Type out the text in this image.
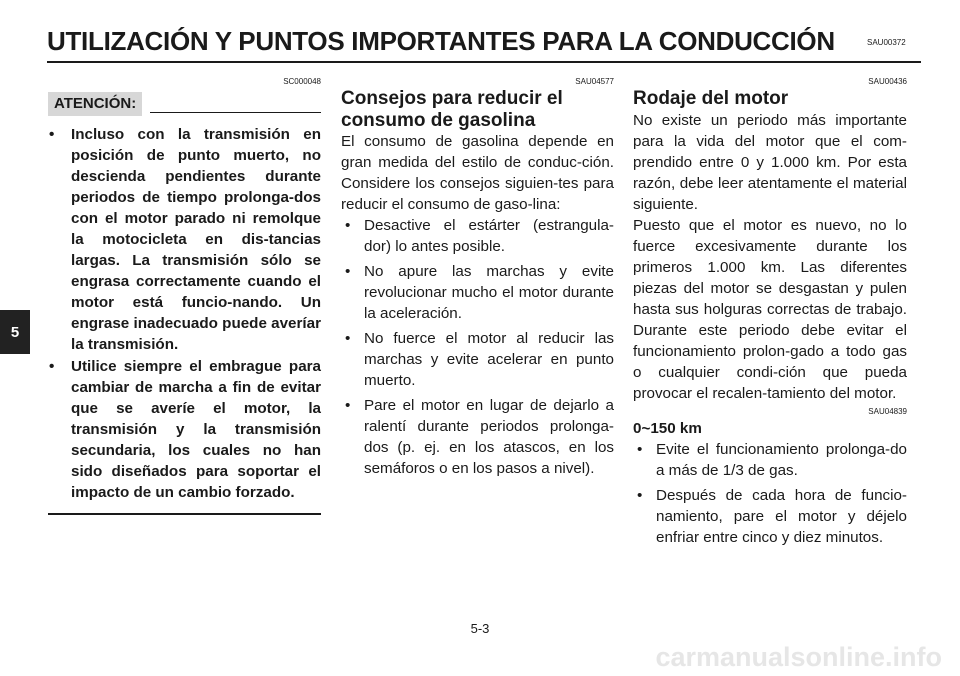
UTILIZACIÓN Y PUNTOS IMPORTANTES PARA LA CONDUCCIÓN	SAU00372
5
SC000048
ATENCIÓN:
• Incluso con la transmisión en posición de punto muerto, no descienda pendientes durante periodos de tiempo prolonga-dos con el motor parado ni remolque la motocicleta en dis-tancias largas. La transmisión sólo se engrasa correctamente cuando el motor está funcio-nando. Un engrase inadecuado puede averíar la transmisión.
• Utilice siempre el embrague para cambiar de marcha a fin de evitar que se averíe el motor, la transmisión y la transmisión secundaria, los cuales no han sido diseñados para soportar el impacto de un cambio forzado.
SAU04577
Consejos para reducir el consumo de gasolina

El consumo de gasolina depende en gran medida del estilo de conduc-ción. Considere los consejos siguien-tes para reducir el consumo de gaso-lina:

• Desactive el estárter (estrangula-dor) lo antes posible.
• No apure las marchas y evite revolucionar mucho el motor durante la aceleración.
• No fuerce el motor al reducir las marchas y evite acelerar en punto muerto.
• Pare el motor en lugar de dejarlo a ralentí durante periodos prolonga-dos (p. ej. en los atascos, en los semáforos o en los pasos a nivel).
SAU00436
Rodaje del motor

No existe un periodo más importante para la vida del motor que el com-prendido entre 0 y 1.000 km. Por esta razón, debe leer atentamente el material siguiente.

Puesto que el motor es nuevo, no lo fuerce excesivamente durante los primeros 1.000 km. Las diferentes piezas del motor se desgastan y pulen hasta sus holguras correctas de trabajo. Durante este periodo debe evitar el funcionamiento prolon-gado a todo gas o cualquier condi-ción que pueda provocar el recalen-tamiento del motor.

SAU04839
0~150 km
• Evite el funcionamiento prolonga-do a más de 1/3 de gas.
• Después de cada hora de funcio-namiento, pare el motor y déjelo enfriar entre cinco y diez minutos.
5-3
carmanualsonline.info
